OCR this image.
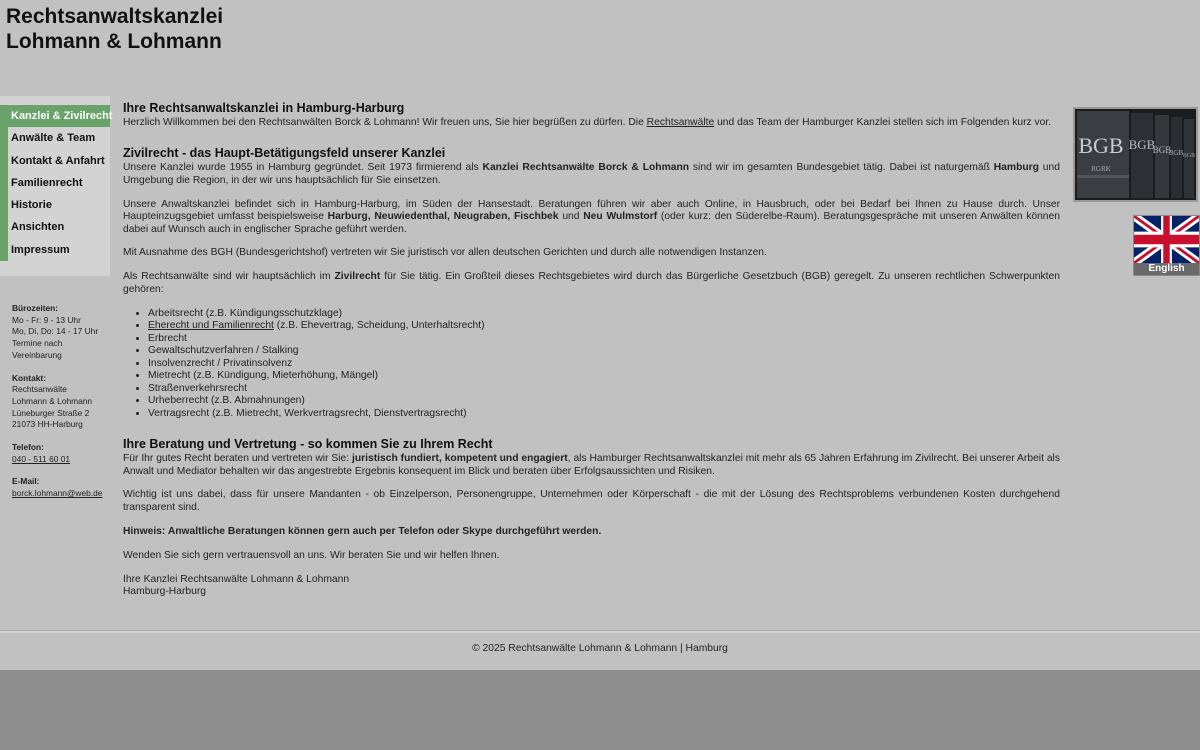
Rechtsanwaltskanzlei
Lohmann & Lohmann
Kanzlei & Zivilrecht
Anwälte & Team
Kontakt & Anfahrt
Familienrecht
Historie
Ansichten
Impressum
Bürozeiten:
Mo - Fr: 9 - 13 Uhr
Mo, Di, Do: 14 - 17 Uhr
Termine nach
Vereinbarung
Kontakt:
Rechtsanwälte
Lohmann & Lohmann
Lüneburger Straße 2
21073 HH-Harburg
Telefon:
040 - 511 60 01
E-Mail:
borck.lohmann@web.de
Ihre Rechtsanwaltskanzlei in Hamburg-Harburg

Herzlich Willkommen bei den Rechtsanwälten Borck & Lohmann! Wir freuen uns, Sie hier begrüßen zu dürfen. Die Rechtsanwälte und das Team der Hamburger Kanzlei stellen sich im Folgenden kurz vor.

Zivilrecht - das Haupt-Betätigungsfeld unserer Kanzlei

Unsere Kanzlei wurde 1955 in Hamburg gegründet. Seit 1973 firmierend als Kanzlei Rechtsanwälte Borck & Lohmann sind wir im gesamten Bundesgebiet tätig. Dabei ist naturgemäß Hamburg und Umgebung die Region, in der wir uns hauptsächlich für Sie einsetzen.

Unsere Anwaltskanzlei befindet sich in Hamburg-Harburg, im Süden der Hansestadt. Beratungen führen wir aber auch Online, in Hausbruch, oder bei Bedarf bei Ihnen zu Hause durch. Unser Haupteinzugsgebiet umfasst beispielsweise Harburg, Neuwiedenthal, Neugraben, Fischbek und Neu Wulmstorf (oder kurz: den Süderelbe-Raum). Beratungsgespräche mit unseren Anwälten können dabei auf Wunsch auch in englischer Sprache geführt werden.

Mit Ausnahme des BGH (Bundesgerichtshof) vertreten wir Sie juristisch vor allen deutschen Gerichten und durch alle notwendigen Instanzen.

Als Rechtsanwälte sind wir hauptsächlich im Zivilrecht für Sie tätig. Ein Großteil dieses Rechtsgebietes wird durch das Bürgerliche Gesetzbuch (BGB) geregelt. Zu unseren rechtlichen Schwerpunkten gehören:

• Arbeitsrecht (z.B. Kündigungsschutzklage)
• Eherecht und Familienrecht (z.B. Ehevertrag, Scheidung, Unterhaltsrecht)
• Erbrecht
• Gewaltschutzverfahren / Stalking
• Insolvenzrecht / Privatinsolvenz
• Mietrecht (z.B. Kündigung, Mieterhöhung, Mängel)
• Straßenverkehrsrecht
• Urheberrecht (z.B. Abmahnungen)
• Vertragsrecht (z.B. Mietrecht, Werkvertragsrecht, Dienstvertragsrecht)
Ihre Beratung und Vertretung - so kommen Sie zu Ihrem Recht

Für Ihr gutes Recht beraten und vertreten wir Sie: juristisch fundiert, kompetent und engagiert, als Hamburger Rechtsanwaltskanzlei mit mehr als 65 Jahren Erfahrung im Zivilrecht. Bei unserer Arbeit als Anwalt und Mediator behalten wir das angestrebte Ergebnis konsequent im Blick und beraten über Erfolgsaussichten und Risiken.

Wichtig ist uns dabei, dass für unsere Mandanten - ob Einzelperson, Personengruppe, Unternehmen oder Körperschaft - die mit der Lösung des Rechtsproblems verbundenen Kosten durchgehend transparent sind.

Hinweis: Anwaltliche Beratungen können gern auch per Telefon oder Skype durchgeführt werden.

Wenden Sie sich gern vertrauensvoll an uns. Wir beraten Sie und wir helfen Ihnen.

Ihre Kanzlei Rechtsanwälte Lohmann & Lohmann

Hamburg-Harburg

BGB
RGRK
BGB
BGB
BGB BGB
English
© 2025 Rechtsanwälte Lohmann & Lohmann | Hamburg
